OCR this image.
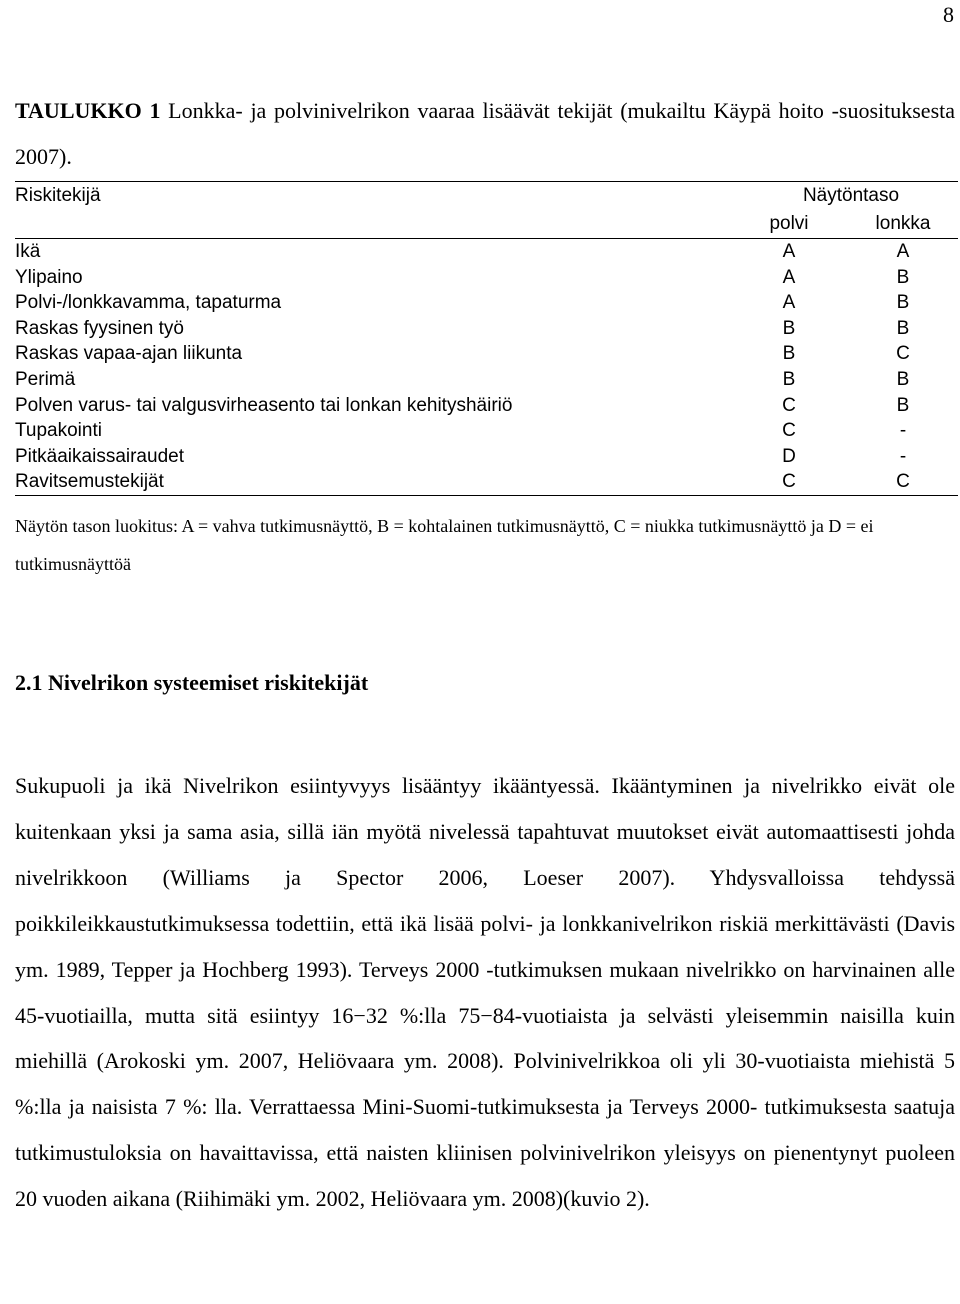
8
TAULUKKO 1 Lonkka- ja polvinivelrikon vaaraa lisäävät tekijät (mukailtu Käypä hoito -suosituksesta 2007).
Riskitekijä	Näytöntaso
polvi	lonkka
Ikä	A	A
Ylipaino	A	B
Polvi-/lonkkavamma, tapaturma	A	B
Raskas fyysinen työ	B	B
Raskas vapaa-ajan liikunta	B	C
Perimä	B	B
Polven varus- tai valgusvirheasento tai lonkan kehityshäiriö	C	B
Tupakointi	C	-
Pitkäaikaissairaudet	D	-
Ravitsemustekijät	C	C
Näytön tason luokitus: A = vahva tutkimusnäyttö, B = kohtalainen tutkimusnäyttö, C = niukka tutkimusnäyttö ja D = ei tutkimusnäyttöä
2.1 Nivelrikon systeemiset riskitekijät

Sukupuoli ja ikä Nivelrikon esiintyvyys lisääntyy ikääntyessä. Ikääntyminen ja nivelrikko eivät ole kuitenkaan yksi ja sama asia, sillä iän myötä nivelessä tapahtuvat muutokset eivät automaattisesti johda nivelrikkoon (Williams ja Spector 2006, Loeser 2007). Yhdysvalloissa tehdyssä poikkileikkaustutkimuksessa todettiin, että ikä lisää polvi- ja lonkkanivelrikon riskiä merkittävästi (Davis ym. 1989, Tepper ja Hochberg 1993). Terveys 2000 -tutkimuksen mukaan nivelrikko on harvinainen alle 45-vuotiailla, mutta sitä esiintyy 16−32 %:lla 75−84-vuotiaista ja selvästi yleisemmin naisilla kuin miehillä (Arokoski ym. 2007, Heliövaara ym. 2008). Polvinivelrikkoa oli yli 30-vuotiaista miehistä 5 %:lla ja naisista 7 %: lla. Verrattaessa Mini-Suomi-tutkimuksesta ja Terveys 2000- tutkimuksesta saatuja tutkimustuloksia on havaittavissa, että naisten kliinisen polvinivelrikon yleisyys on pienentynyt puoleen 20 vuoden aikana (Riihimäki ym. 2002, Heliövaara ym. 2008)(kuvio 2).
